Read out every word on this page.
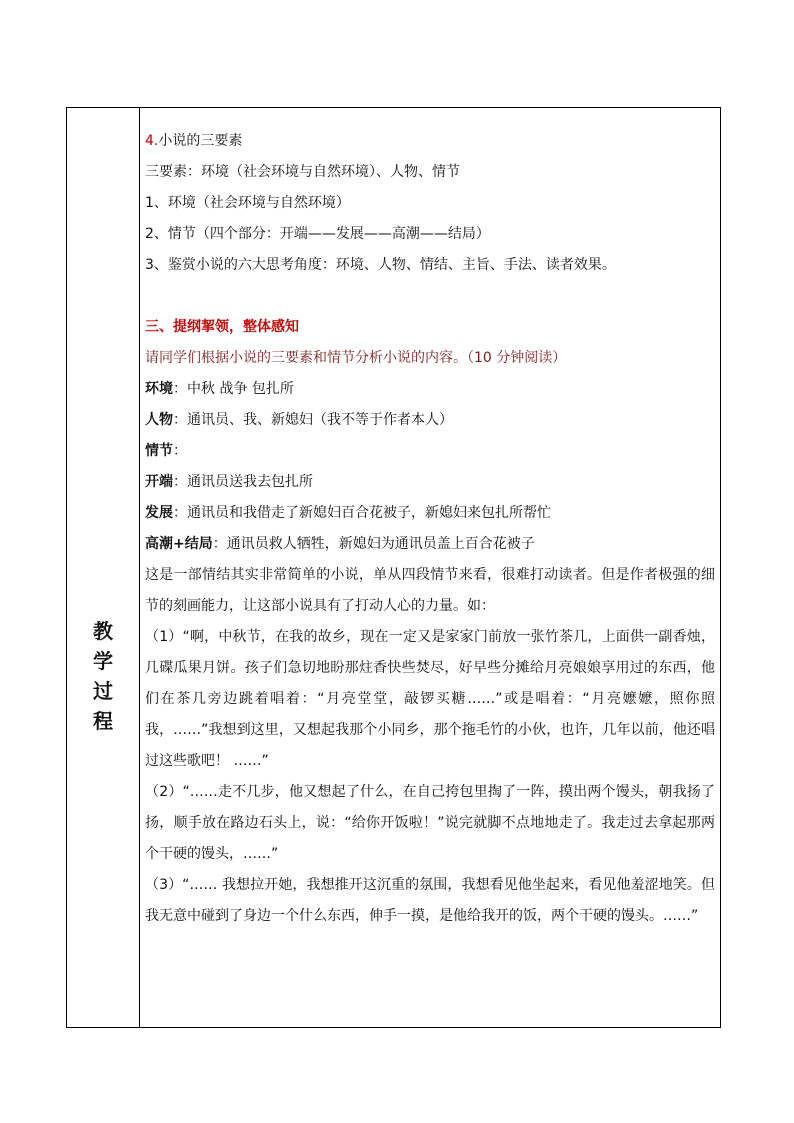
教
学
过
程
4.小说的三要素
三要素：环境（社会环境与自然环境）、人物、情节
1、环境（社会环境与自然环境）
2、情节（四个部分：开端——发展——高潮——结局）
3、鉴赏小说的六大思考角度：环境、人物、情结、主旨、手法、读者效果。
三、提纲挈领，整体感知
请同学们根据小说的三要素和情节分析小说的内容。（10 分钟阅读）
环境：中秋 战争 包扎所
人物：通讯员、我、新媳妇（我不等于作者本人）
情节：
开端：通讯员送我去包扎所
发展：通讯员和我借走了新媳妇百合花被子，新媳妇来包扎所帮忙
高潮+结局：通讯员救人牺牲，新媳妇为通讯员盖上百合花被子
这是一部情结其实非常简单的小说，单从四段情节来看，很难打动读者。但是作者极强的细节的刻画能力，让这部小说具有了打动人心的力量。如：
（1）“啊，中秋节，在我的故乡，现在一定又是家家门前放一张竹茶几，上面供一副香烛，几碟瓜果月饼。孩子们急切地盼那炷香快些焚尽，好早些分摊给月亮娘娘享用过的东西，他们在茶几旁边跳着唱着：“月亮堂堂，敲锣买糖……”或是唱着：“月亮嬷嬷，照你照我，……”我想到这里，又想起我那个小同乡，那个拖毛竹的小伙，也许，几年以前，他还唱过这些歌吧！ ……”
（2）“……走不几步，他又想起了什么，在自己挎包里掏了一阵，摸出两个馒头，朝我扬了扬，顺手放在路边石头上，说：“给你开饭啦！”说完就脚不点地地走了。我走过去拿起那两个干硬的馒头，……”
（3）“…… 我想拉开她，我想推开这沉重的氛围，我想看见他坐起来，看见他羞涩地笑。但我无意中碰到了身边一个什么东西，伸手一摸，是他给我开的饭，两个干硬的馒头。……”
